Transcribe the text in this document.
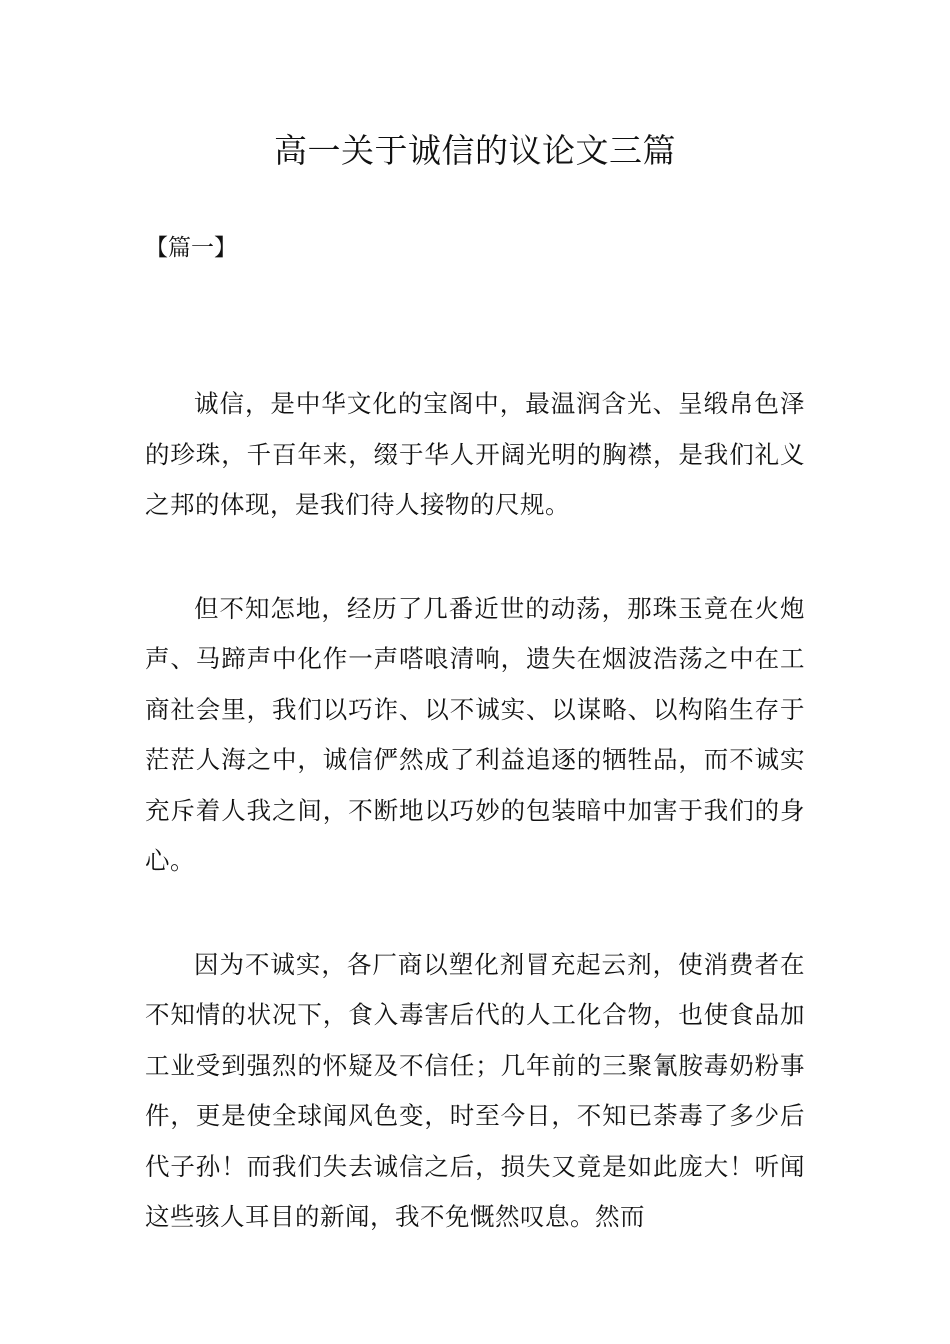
高一关于诚信的议论文三篇

【篇一】

诚信，是中华文化的宝阁中，最温润含光、呈缎帛色泽的珍珠，千百年来，缀于华人开阔光明的胸襟，是我们礼义之邦的体现，是我们待人接物的尺规。

但不知怎地，经历了几番近世的动荡，那珠玉竟在火炮声、马蹄声中化作一声嗒哴清响，遗失在烟波浩荡之中在工商社会里，我们以巧诈、以不诚实、以谋略、以构陷生存于茫茫人海之中，诚信俨然成了利益追逐的牺牲品，而不诚实充斥着人我之间，不断地以巧妙的包装暗中加害于我们的身心。

因为不诚实，各厂商以塑化剂冒充起云剂，使消费者在不知情的状况下，食入毒害后代的人工化合物，也使食品加工业受到强烈的怀疑及不信任；几年前的三聚氰胺毒奶粉事件，更是使全球闻风色变，时至今日，不知已荼毒了多少后代子孙！而我们失去诚信之后，损失又竟是如此庞大！听闻这些骇人耳目的新闻，我不免慨然叹息。然而
